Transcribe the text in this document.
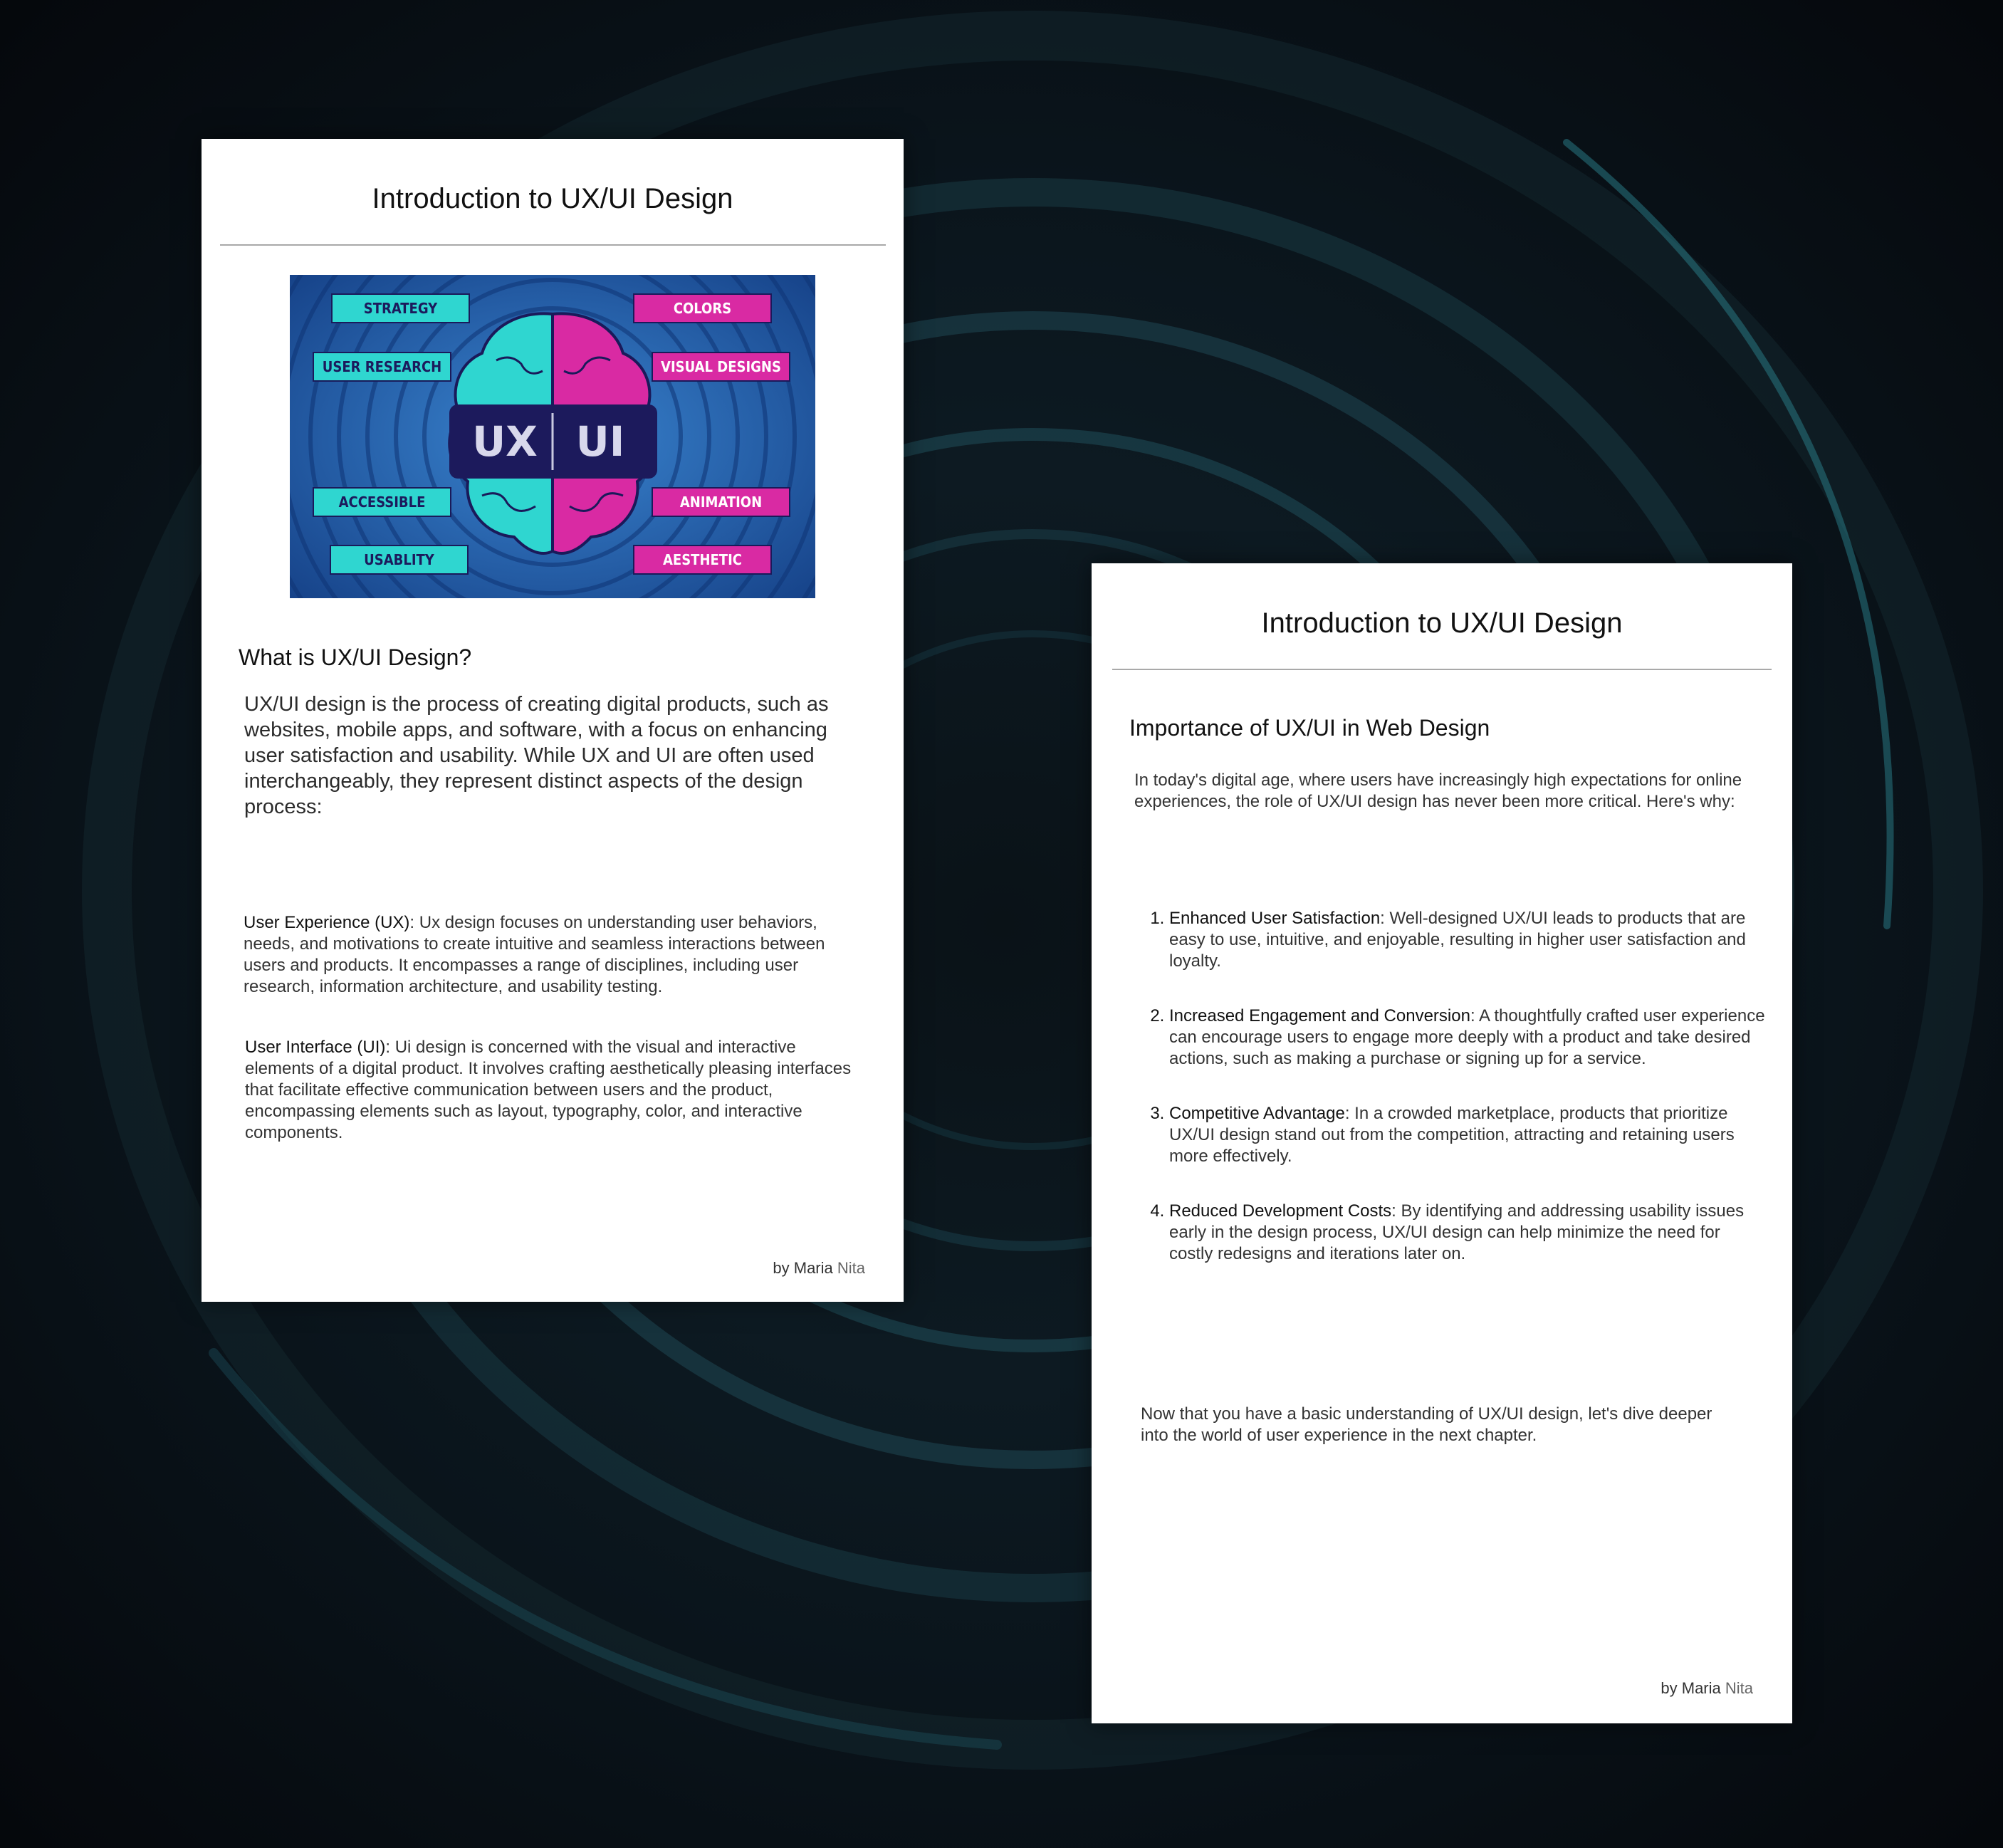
Introduction to UX/UI Design
UX UI
STRATEGY
USER RESEARCH
ACCESSIBLE
USABLITY
COLORS
VISUAL DESIGNS
ANIMATION
AESTHETIC
What is UX/UI Design?

UX/UI design is the process of creating digital products, such as websites, mobile apps, and software, with a focus on enhancing user satisfaction and usability. While UX and UI are often used interchangeably, they represent distinct aspects of the design process:

User Experience (UX): Ux design focuses on understanding user behaviors, needs, and motivations to create intuitive and seamless interactions between users and products. It encompasses a range of disciplines, including user research, information architecture, and usability testing.

User Interface (UI): Ui design is concerned with the visual and interactive elements of a digital product. It involves crafting aesthetically pleasing interfaces that facilitate effective communication between users and the product, encompassing elements such as layout, typography, color, and interactive components.

by Maria Nita
Introduction to UX/UI Design
Importance of UX/UI in Web Design

In today's digital age, where users have increasingly high expectations for online experiences, the role of UX/UI design has never been more critical. Here's why:

1. Enhanced User Satisfaction: Well-designed UX/UI leads to products that are easy to use, intuitive, and enjoyable, resulting in higher user satisfaction and loyalty.
2. Increased Engagement and Conversion: A thoughtfully crafted user experience can encourage users to engage more deeply with a product and take desired actions, such as making a purchase or signing up for a service.
3. Competitive Advantage: In a crowded marketplace, products that prioritize UX/UI design stand out from the competition, attracting and retaining users more effectively.
4. Reduced Development Costs: By identifying and addressing usability issues early in the design process, UX/UI design can help minimize the need for costly redesigns and iterations later on.

Now that you have a basic understanding of UX/UI design, let's dive deeper into the world of user experience in the next chapter.

by Maria Nita
